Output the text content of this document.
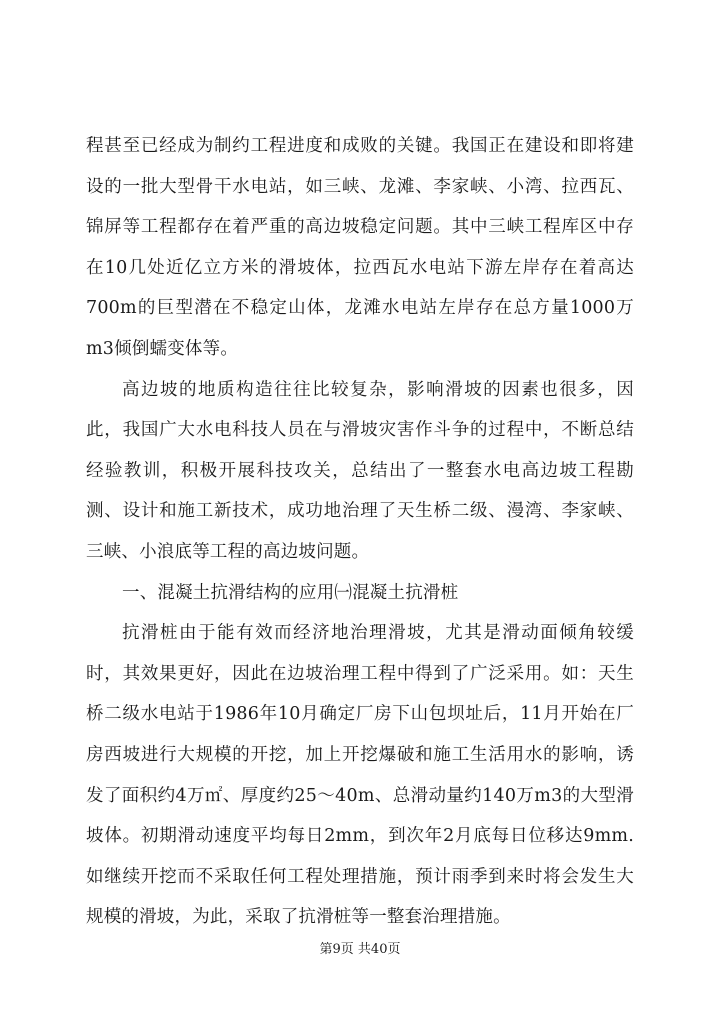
程甚至已经成为制约工程进度和成败的关键。我国正在建设和即将建设的一批大型骨干水电站，如三峡、龙滩、李家峡、小湾、拉西瓦、锦屏等工程都存在着严重的高边坡稳定问题。其中三峡工程库区中存在10几处近亿立方米的滑坡体，拉西瓦水电站下游左岸存在着高达700m的巨型潜在不稳定山体，龙滩水电站左岸存在总方量1000万m3倾倒蠕变体等。

高边坡的地质构造往往比较复杂，影响滑坡的因素也很多，因此，我国广大水电科技人员在与滑坡灾害作斗争的过程中，不断总结经验教训，积极开展科技攻关，总结出了一整套水电高边坡工程勘测、设计和施工新技术，成功地治理了天生桥二级、漫湾、李家峡、三峡、小浪底等工程的高边坡问题。

一、混凝土抗滑结构的应用㈠混凝土抗滑桩

抗滑桩由于能有效而经济地治理滑坡，尤其是滑动面倾角较缓时，其效果更好，因此在边坡治理工程中得到了广泛采用。如：天生桥二级水电站于1986年10月确定厂房下山包坝址后，11月开始在厂房西坡进行大规模的开挖，加上开挖爆破和施工生活用水的影响，诱发了面积约4万㎡、厚度约25～40m、总滑动量约140万m3的大型滑坡体。初期滑动速度平均每日2mm，到次年2月底每日位移达9mm.如继续开挖而不采取任何工程处理措施，预计雨季到来时将会发生大规模的滑坡，为此，采取了抗滑桩等一整套治理措施。

第9页 共40页
